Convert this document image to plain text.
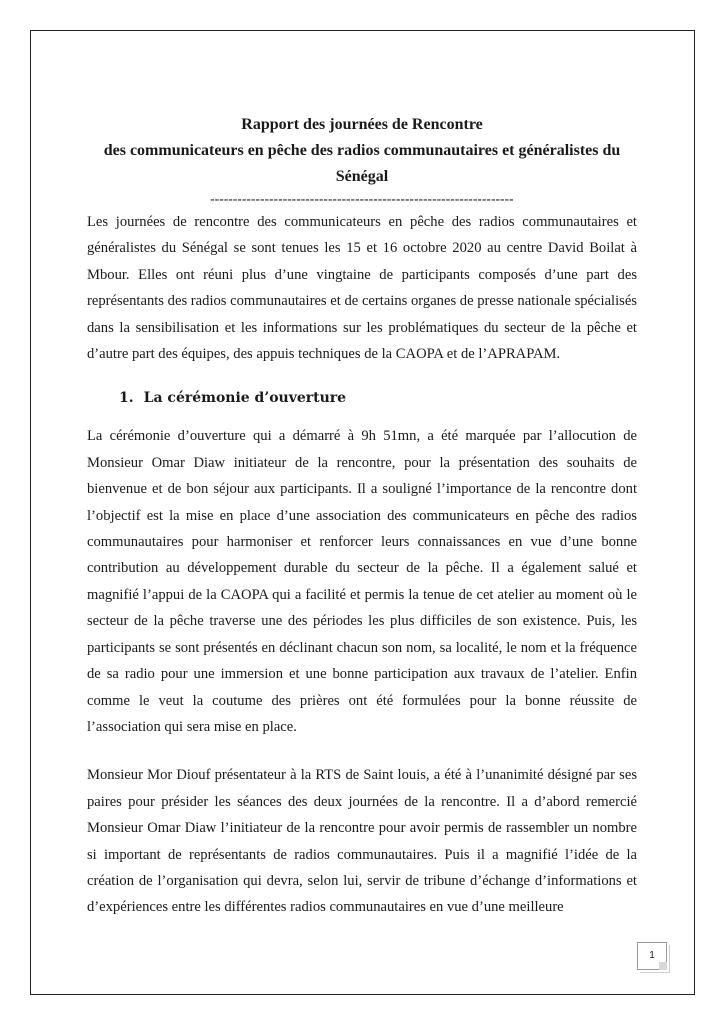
Rapport des journées de Rencontre
des communicateurs en pêche des radios communautaires et généralistes du
Sénégal
-------------------------------------------------------------------

Les journées de rencontre des communicateurs en pêche des radios communautaires et généralistes du Sénégal se sont tenues les 15 et 16 octobre 2020 au centre David Boilat à Mbour. Elles ont réuni plus d’une vingtaine de participants composés d’une part des représentants des radios communautaires et de certains organes de presse nationale spécialisés dans la sensibilisation et les informations sur les problématiques du secteur de la pêche et d’autre part des équipes, des appuis techniques de la CAOPA et de l’APRAPAM.

1. La cérémonie d’ouverture

La cérémonie d’ouverture qui a démarré à 9h 51mn, a été marquée par l’allocution de Monsieur Omar Diaw initiateur de la rencontre, pour la présentation des souhaits de bienvenue et de bon séjour aux participants. Il a souligné l’importance de la rencontre dont l’objectif est la mise en place d’une association des communicateurs en pêche des radios communautaires pour harmoniser et renforcer leurs connaissances en vue d’une bonne contribution au développement durable du secteur de la pêche. Il a également salué et magnifié l’appui de la CAOPA qui a facilité et permis la tenue de cet atelier au moment où le secteur de la pêche traverse une des périodes les plus difficiles de son existence. Puis, les participants se sont présentés en déclinant chacun son nom, sa localité, le nom et la fréquence de sa radio pour une immersion et une bonne participation aux travaux de l’atelier. Enfin comme le veut la coutume des prières ont été formulées pour la bonne réussite de l’association qui sera mise en place.

Monsieur Mor Diouf présentateur à la RTS de Saint louis, a été à l’unanimité désigné par ses paires pour présider les séances des deux journées de la rencontre. Il a d’abord remercié Monsieur Omar Diaw l’initiateur de la rencontre pour avoir permis de rassembler un nombre si important de représentants de radios communautaires. Puis il a magnifié l’idée de la création de l’organisation qui devra, selon lui, servir de tribune d’échange d’informations et d’expériences entre les différentes radios communautaires en vue d’une meilleure

1
